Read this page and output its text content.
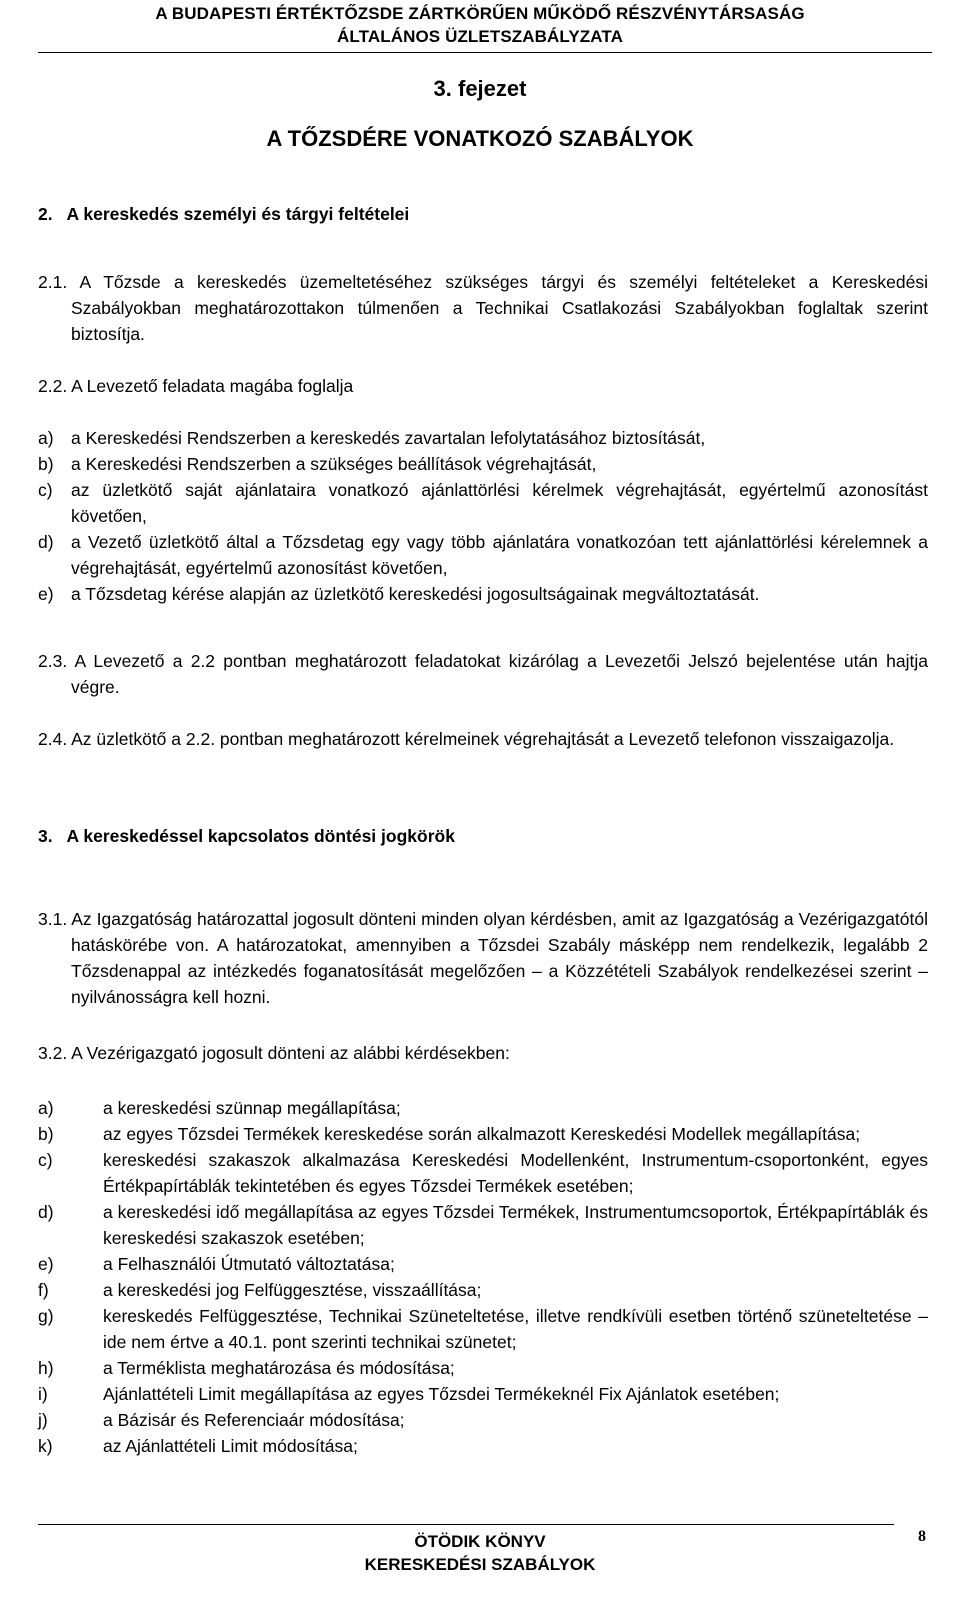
A BUDAPESTI ÉRTÉKTŐZSDE ZÁRTKÖRŰEN MŰKÖDŐ RÉSZVÉNYTÁRSASÁG
ÁLTALÁNOS ÜZLETSZABÁLYZATA
3. fejezet
A TŐZSDÉRE VONATKOZÓ SZABÁLYOK
2.   A kereskedés személyi és tárgyi feltételei
2.1. A Tőzsde a kereskedés üzemeltetéséhez szükséges tárgyi és személyi feltételeket a Kereskedési Szabályokban meghatározottakon túlmenően a Technikai Csatlakozási Szabályokban foglaltak szerint biztosítja.
2.2. A Levezető feladata magába foglalja
a) a Kereskedési Rendszerben a kereskedés zavartalan lefolytatásához biztosítását,
b) a Kereskedési Rendszerben a szükséges beállítások végrehajtását,
c) az üzletkötő saját ajánlataira vonatkozó ajánlattörlési kérelmek végrehajtását, egyértelmű azonosítást követően,
d) a Vezető üzletkötő által a Tőzsdetag egy vagy több ajánlatára vonatkozóan tett ajánlattörlési kérelemnek a végrehajtását, egyértelmű azonosítást követően,
e) a Tőzsdetag kérése alapján az üzletkötő kereskedési jogosultságainak megváltoztatását.
2.3. A Levezető a 2.2 pontban meghatározott feladatokat kizárólag a Levezetői Jelszó bejelentése után hajtja végre.
2.4. Az üzletkötő a 2.2. pontban meghatározott kérelmeinek végrehajtását a Levezető telefonon visszaigazolja.
3.   A kereskedéssel kapcsolatos döntési jogkörök
3.1. Az Igazgatóság határozattal jogosult dönteni minden olyan kérdésben, amit az Igazgatóság a Vezérigazgatótól hatáskörébe von. A határozatokat, amennyiben a Tőzsdei Szabály másképp nem rendelkezik, legalább 2 Tőzsdenappal az intézkedés foganatosítását megelőzően – a Közzétételi Szabályok rendelkezései szerint – nyilvánosságra kell hozni.
3.2. A Vezérigazgató jogosult dönteni az alábbi kérdésekben:
a)	a kereskedési szünnap megállapítása;
b)	az egyes Tőzsdei Termékek kereskedése során alkalmazott Kereskedési Modellek megállapítása;
c)	kereskedési szakaszok alkalmazása Kereskedési Modellenként, Instrumentum-csoportonként, egyes Értékpapírtáblák tekintetében és egyes Tőzsdei Termékek esetében;
d)	a kereskedési idő megállapítása az egyes Tőzsdei Termékek, Instrumentumcsoportok, Értékpapírtáblák és kereskedési szakaszok esetében;
e)	a Felhasználói Útmutató változtatása;
f)	a kereskedési jog Felfüggesztése, visszaállítása;
g)	kereskedés Felfüggesztése, Technikai Szüneteltetése, illetve rendkívüli esetben történő szüneteltetése – ide nem értve a 40.1. pont szerinti technikai szünetet;
h)	a Terméklista meghatározása és módosítása;
i)	Ajánlattételi Limit megállapítása az egyes Tőzsdei Termékeknél Fix Ajánlatok esetében;
j)	a Bázisár és Referenciaár módosítása;
k)	az Ajánlattételi Limit módosítása;
ÖTÖDIK KÖNYV
KERESKEDÉSI SZABÁLYOK
8
